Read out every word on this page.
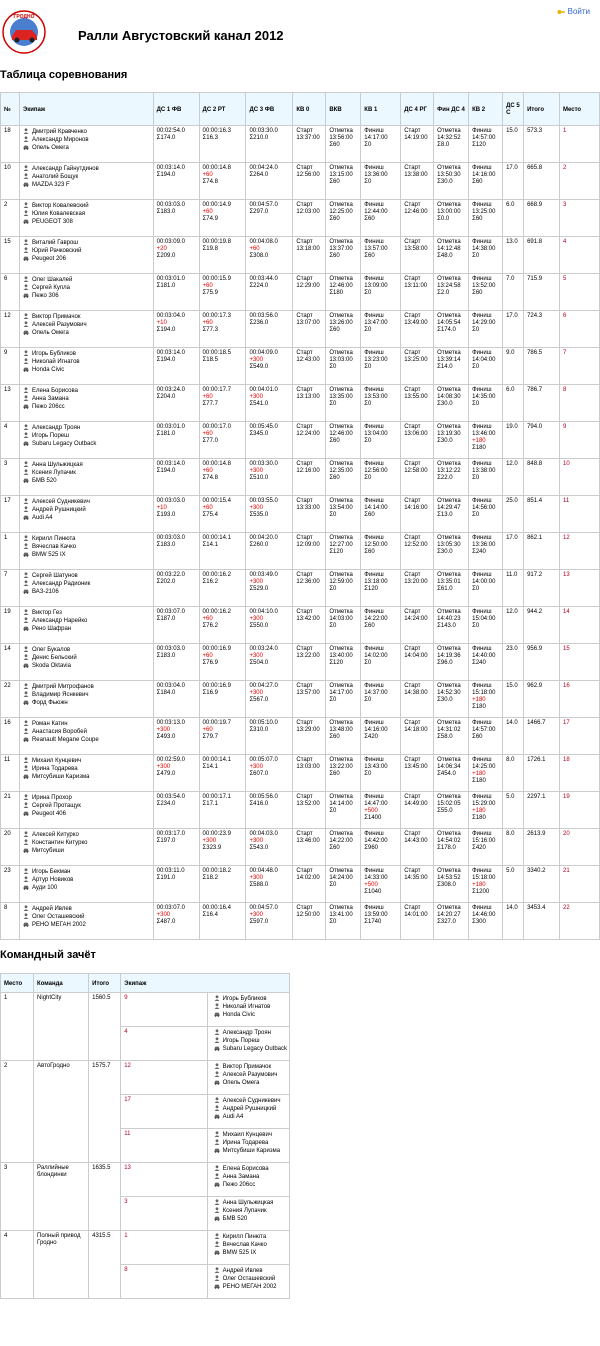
ГРОДНО
Ралли Августовский канал 2012
Войти
Таблица соревнования
№	Экипаж	ДС 1 ФВ	ДС 2 РТ	ДС 3 ФВ	КВ 0	ВКВ	КВ 1	ДС 4 РГ	Фин ДС 4	КВ 2	ДС 5 С	Итого	Место
18	Дмитрий Кравченко
Александр Миронов
Опель Омега	00:02:54.0
Σ174.0	00:00:16.3
Σ16.3	00:03:30.0
Σ210.0	Старт
13:37:00	Отметка
13:56:00
Σ60	Финиш
14:17:00
Σ0	Старт
14:19:00	Отметка
14:32:52
Σ8.0	Финиш
14:57:00
Σ120	15.0	573.3	1
10	Александр Гайнутдинов
Анатолий Бощук
MAZDA 323 F	00:03:14.0
Σ194.0	00:00:14.8
+60
Σ74.8	00:04:24.0
Σ264.0	Старт
12:56:00	Отметка
13:15:00
Σ60	Финиш
13:36:00
Σ0	Старт
13:38:00	Отметка
13:50:30
Σ30.0	Финиш
14:16:00
Σ60	17.0	665.8	2
2	Виктор Ковалевский
Юлия Ковалевская
PEUGEOT 308	00:03:03.0
Σ183.0	00:00:14.9
+60
Σ74.9	00:04:57.0
Σ297.0	Старт
12:03:00	Отметка
12:25:00
Σ60	Финиш
12:44:00
Σ60	Старт
12:46:00	Отметка
13:00:00
Σ0.0	Финиш
13:25:00
Σ60	6.0	668.9	3
15	Виталий Гаврош
Юрий Рачковский
Peugeot 206	00:03:09.0
+20
Σ209.0	00:00:19.8
Σ19.8	00:04:08.0
+60
Σ308.0	Старт
13:18:00	Отметка
13:37:00
Σ60	Финиш
13:57:00
Σ60	Старт
13:58:00	Отметка
14:12:48
Σ48.0	Финиш
14:38:00
Σ0	13.0	691.8	4
6	Олег Шакалей
Сергей Купла
Пежо 306	00:03:01.0
Σ181.0	00:00:15.9
+60
Σ75.9	00:03:44.0
Σ224.0	Старт
12:29:00	Отметка
12:46:00
Σ180	Финиш
13:09:00
Σ0	Старт
13:11:00	Отметка
13:24:58
Σ2.0	Финиш
13:52:00
Σ60	7.0	715.9	5
12	Виктор Примачок
Алексей Разумович
Опель Омега	00:03:04.0
+10
Σ194.0	00:00:17.3
+60
Σ77.3	00:03:56.0
Σ236.0	Старт
13:07:00	Отметка
13:26:00
Σ60	Финиш
13:47:00
Σ0	Старт
13:49:00	Отметка
14:05:54
Σ174.0	Финиш
14:29:00
Σ0	17.0	724.3	6
9	Игорь Бубликов
Николай Игнатов
Honda Civic	00:03:14.0
Σ194.0	00:00:18.5
Σ18.5	00:04:09.0
+300
Σ549.0	Старт
12:43:00	Отметка
13:03:00
Σ0	Финиш
13:23:00
Σ0	Старт
13:25:00	Отметка
13:39:14
Σ14.0	Финиш
14:04:00
Σ0	9.0	786.5	7
13	Елена Борисова
Анна Замана
Пежо 206сс	00:03:24.0
Σ204.0	00:00:17.7
+60
Σ77.7	00:04:01.0
+300
Σ541.0	Старт
13:13:00	Отметка
13:35:00
Σ0	Финиш
13:53:00
Σ0	Старт
13:55:00	Отметка
14:08:30
Σ30.0	Финиш
14:35:00
Σ0	6.0	786.7	8
4	Александр Троян
Игорь Пореш
Subaru Legacy Outback	00:03:01.0
Σ181.0	00:00:17.0
+60
Σ77.0	00:05:45.0
Σ345.0	Старт
12:24:00	Отметка
12:46:00
Σ60	Финиш
13:04:00
Σ0	Старт
13:06:00	Отметка
13:19:30
Σ30.0	Финиш
13:46:00
+180
Σ180	19.0	794.0	9
3	Анна Шульжицкая
Ксения Лупачик
БМВ 520	00:03:14.0
Σ194.0	00:00:14.8
+60
Σ74.8	00:03:30.0
+300
Σ510.0	Старт
12:16:00	Отметка
12:35:00
Σ60	Финиш
12:56:00
Σ0	Старт
12:58:00	Отметка
13:12:22
Σ22.0	Финиш
13:38:00
Σ0	12.0	848.8	10
17	Алексей Судникевич
Андрей Рушницкий
Audi A4	00:03:03.0
+10
Σ193.0	00:00:15.4
+60
Σ75.4	00:03:55.0
+300
Σ535.0	Старт
13:33:00	Отметка
13:54:00
Σ0	Финиш
14:14:00
Σ60	Старт
14:16:00	Отметка
14:29:47
Σ13.0	Финиш
14:56:00
Σ0	25.0	851.4	11
1	Кирилл Пинюта
Вячеслав Качко
BMW 525 IX	00:03:03.0
Σ183.0	00:00:14.1
Σ14.1	00:04:20.0
Σ260.0	Старт
12:09:00	Отметка
12:27:00
Σ120	Финиш
12:50:00
Σ60	Старт
12:52:00	Отметка
13:05:30
Σ30.0	Финиш
13:36:00
Σ240	17.0	862.1	12
7	Сергей Шатунов
Александр Радионик
ВАЗ-2106	00:03:22.0
Σ202.0	00:00:16.2
Σ16.2	00:03:49.0
+300
Σ529.0	Старт
12:36:00	Отметка
12:59:00
Σ0	Финиш
13:18:00
Σ120	Старт
13:20:00	Отметка
13:35:01
Σ61.0	Финиш
14:00:00
Σ0	11.0	917.2	13
19	Виктор Гез
Александр Нарейко
Рено Шафран	00:03:07.0
Σ187.0	00:00:16.2
+60
Σ76.2	00:04:10.0
+300
Σ550.0	Старт
13:42:00	Отметка
14:03:00
Σ0	Финиш
14:22:00
Σ60	Старт
14:24:00	Отметка
14:40:23
Σ143.0	Финиш
15:04:00
Σ0	12.0	944.2	14
14	Олег Букалов
Денис Бельский
Skoda Oktavia	00:03:03.0
Σ183.0	00:00:16.9
+60
Σ76.9	00:03:24.0
+300
Σ504.0	Старт
13:22:00	Отметка
13:40:00
Σ120	Финиш
14:02:00
Σ0	Старт
14:04:00	Отметка
14:19:36
Σ96.0	Финиш
14:40:00
Σ240	23.0	956.9	15
22	Дмитрий Митрофанов
Владимир Яснкевич
Форд Фьюжн	00:03:04.0
Σ184.0	00:00:16.9
Σ16.9	00:04:27.0
+300
Σ567.0	Старт
13:57:00	Отметка
14:17:00
Σ0	Финиш
14:37:00
Σ0	Старт
14:38:00	Отметка
14:52:30
Σ30.0	Финиш
15:18:00
+180
Σ180	15.0	962.9	16
16	Роман Катин
Анастасия Воробей
Reanault Megane Coupe	00:03:13.0
+300
Σ493.0	00:00:19.7
+60
Σ79.7	00:05:10.0
Σ310.0	Старт
13:29:00	Отметка
13:48:00
Σ60	Финиш
14:16:00
Σ420	Старт
14:18:00	Отметка
14:31:02
Σ58.0	Финиш
14:57:00
Σ60	14.0	1466.7	17
11	Михаил Кунцевич
Ирина Тодарева
Митсубиши Каризма	00:02:59.0
+300
Σ479.0	00:00:14.1
Σ14.1	00:05:07.0
+300
Σ607.0	Старт
13:03:00	Отметка
13:22:00
Σ60	Финиш
13:43:00
Σ0	Старт
13:45:00	Отметка
14:06:34
Σ454.0	Финиш
14:25:00
+180
Σ180	8.0	1726.1	18
21	Ирина Прохор
Сергей Протащук
Peugeot 406	00:03:54.0
Σ234.0	00:00:17.1
Σ17.1	00:05:56.0
Σ416.0	Старт
13:52:00	Отметка
14:14:00
Σ0	Финиш
14:47:00
+500
Σ1400	Старт
14:49:00	Отметка
15:02:05
Σ55.0	Финиш
15:29:00
+180
Σ180	5.0	2297.1	19
20	Алексей Китурко
Константин Китурко
Митсубиши	00:03:17.0
Σ197.0	00:00:23.9
+300
Σ323.9	00:04:03.0
+300
Σ543.0	Старт
13:46:00	Отметка
14:22:00
Σ60	Финиш
14:42:00
Σ960	Старт
14:43:00	Отметка
14:54:02
Σ178.0	Финиш
15:16:00
Σ420	8.0	2613.9	20
23	Игорь Бекман
Артур Новиков
Ауди 100	00:03:11.0
Σ191.0	00:00:18.2
Σ18.2	00:04:48.0
+300
Σ588.0	Старт
14:02:00	Отметка
14:24:00
Σ0	Финиш
14:33:00
+500
Σ1040	Старт
14:35:00	Отметка
14:53:52
Σ308.0	Финиш
15:18:00
+180
Σ1200	5.0	3340.2	21
8	Андрей Ивлев
Олег Осташевский
РЕНО МЕГАН 2002	00:03:07.0
+300
Σ487.0	00:00:16.4
Σ16.4	00:04:57.0
+300
Σ597.0	Старт
12:50:00	Отметка
13:41:00
Σ0	Финиш
13:59:00
Σ1740	Старт
14:01:00	Отметка
14:20:27
Σ327.0	Финиш
14:46:00
Σ300	14.0	3453.4	22
Командный зачёт
Место	Команда	Итого	Экипаж	
1	NightCity	1560.5	9	Игорь Бубликов
Николай Игнатов
Honda Civic

			4	Александр Троян
Игорь Пореш
Subaru Legacy Outback

2	АвтоГродно	1575.7	12	Виктор Примачок
Алексей Разумович
Опель Омега

			17	Алексей Судникевич
Андрей Рушницкий
Audi A4

			11	Михаил Кунцевич
Ирина Тодарева
Митсубиши Каризма

3	Раллийные блондинки	1635.5	13	Елена Борисова
Анна Замана
Пежо 206сс

			3	Анна Шульжицкая
Ксения Лупачик
БМВ 520

4	Полный привод Гродно	4315.5	1	Кирилл Пинюта
Вячеслав Качко
BMW 525 IX

			8	Андрей Ивлев
Олег Осташевский
РЕНО МЕГАН 2002
